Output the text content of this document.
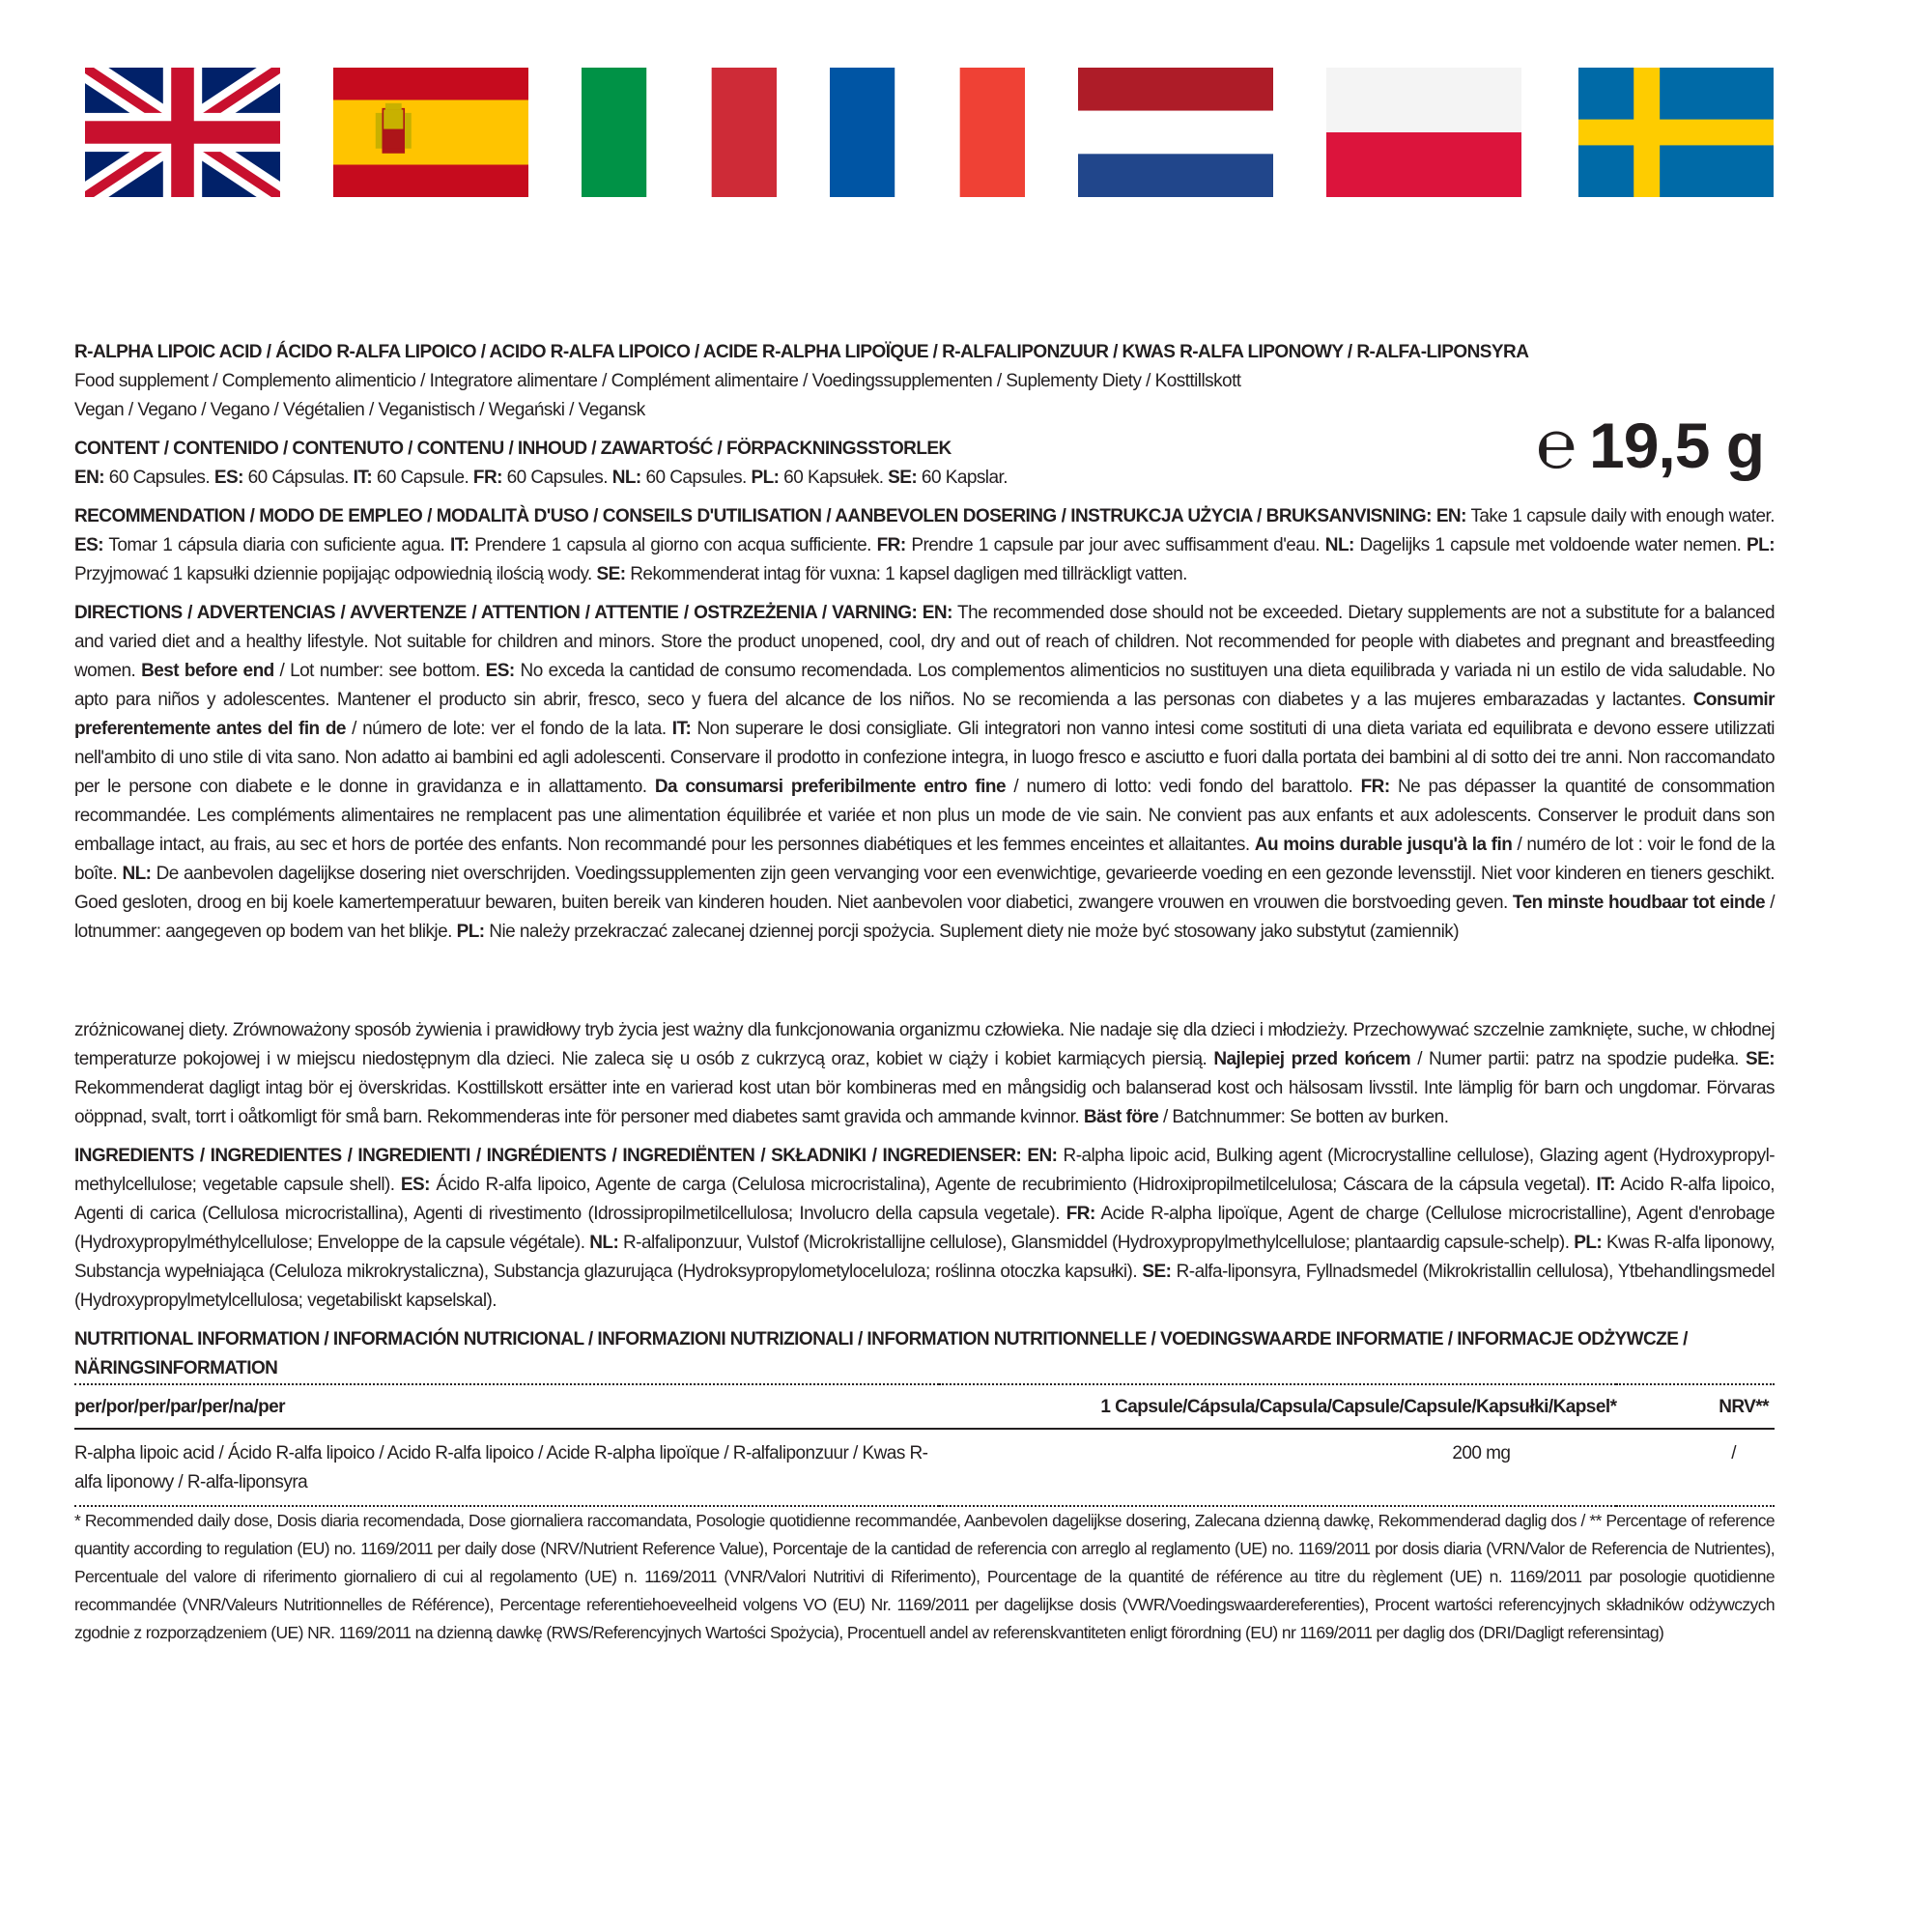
℮ 19,5 g

R-ALPHA LIPOIC ACID / ÁCIDO R-ALFA LIPOICO / ACIDO R-ALFA LIPOICO / ACIDE R-ALPHA LIPOÏQUE / R-ALFALIPONZUUR / KWAS R-ALFA LIPONOWY / R-ALFA-LIPONSYRA

Food supplement / Complemento alimenticio / Integratore alimentare / Complément alimentaire / Voedingssupplementen / Suplementy Diety / Kosttillskott

Vegan / Vegano / Vegano / Végétalien / Veganistisch / Wegański / Vegansk

CONTENT / CONTENIDO / CONTENUTO / CONTENU / INHOUD / ZAWARTOŚĆ / FÖRPACKNINGSSTORLEK

EN: 60 Capsules. ES: 60 Cápsulas. IT: 60 Capsule. FR: 60 Capsules. NL: 60 Capsules. PL: 60 Kapsułek. SE: 60 Kapslar.

RECOMMENDATION / MODO DE EMPLEO / MODALITÀ D'USO / CONSEILS D'UTILISATION / AANBEVOLEN DOSERING / INSTRUKCJA UŻYCIA / BRUKSANVISNING: EN: Take 1 capsule daily with enough water. ES: Tomar 1 cápsula diaria con suficiente agua. IT: Prendere 1 capsula al giorno con acqua sufficiente. FR: Prendre 1 capsule par jour avec suffisamment d'eau. NL: Dagelijks 1 capsule met voldoende water nemen. PL: Przyjmować 1 kapsułki dziennie popijając odpowiednią ilością wody. SE: Rekommenderat intag för vuxna: 1 kapsel dagligen med tillräckligt vatten.

DIRECTIONS / ADVERTENCIAS / AVVERTENZE / ATTENTION / ATTENTIE / OSTRZEŻENIA / VARNING: EN: The recommended dose should not be exceeded. Dietary supplements are not a substitute for a balanced and varied diet and a healthy lifestyle. Not suitable for children and minors. Store the product unopened, cool, dry and out of reach of children. Not recommended for people with diabetes and pregnant and breastfeeding women. Best before end / Lot number: see bottom. ES: No exceda la cantidad de consumo recomendada. Los complementos alimenticios no sustituyen una dieta equilibrada y variada ni un estilo de vida saludable. No apto para niños y adolescentes. Mantener el producto sin abrir, fresco, seco y fuera del alcance de los niños. No se recomienda a las personas con diabetes y a las mujeres embarazadas y lactantes. Consumir preferentemente antes del fin de / número de lote: ver el fondo de la lata. IT: Non superare le dosi consigliate. Gli integratori non vanno intesi come sostituti di una dieta variata ed equilibrata e devono essere utilizzati nell'ambito di uno stile di vita sano. Non adatto ai bambini ed agli adolescenti. Conservare il prodotto in confezione integra, in luogo fresco e asciutto e fuori dalla portata dei bambini al di sotto dei tre anni. Non raccomandato per le persone con diabete e le donne in gravidanza e in allattamento. Da consumarsi preferibilmente entro fine / numero di lotto: vedi fondo del barattolo. FR: Ne pas dépasser la quantité de consommation recommandée. Les compléments alimentaires ne remplacent pas une alimentation équilibrée et variée et non plus un mode de vie sain. Ne convient pas aux enfants et aux adolescents. Conserver le produit dans son emballage intact, au frais, au sec et hors de portée des enfants. Non recommandé pour les personnes diabétiques et les femmes enceintes et allaitantes. Au moins durable jusqu'à la fin / numéro de lot : voir le fond de la boîte. NL: De aanbevolen dagelijkse dosering niet overschrijden. Voedingssupplementen zijn geen vervanging voor een evenwichtige, gevarieerde voeding en een gezonde levensstijl. Niet voor kinderen en tieners geschikt. Goed gesloten, droog en bij koele kamertemperatuur bewaren, buiten bereik van kinderen houden. Niet aanbevolen voor diabetici, zwangere vrouwen en vrouwen die borstvoeding geven. Ten minste houdbaar tot einde / lotnummer: aangegeven op bodem van het blikje. PL: Nie należy przekraczać zalecanej dziennej porcji spożycia. Suplement diety nie może być stosowany jako substytut (zamiennik)

zróżnicowanej diety. Zrównoważony sposób żywienia i prawidłowy tryb życia jest ważny dla funkcjonowania organizmu człowieka. Nie nadaje się dla dzieci i młodzieży. Przechowywać szczelnie zamknięte, suche, w chłodnej temperaturze pokojowej i w miejscu niedostępnym dla dzieci. Nie zaleca się u osób z cukrzycą oraz, kobiet w ciąży i kobiet karmiących piersią. Najlepiej przed końcem / Numer partii: patrz na spodzie pudełka. SE: Rekommenderat dagligt intag bör ej överskridas. Kosttillskott ersätter inte en varierad kost utan bör kombineras med en mångsidig och balanserad kost och hälsosam livsstil. Inte lämplig för barn och ungdomar. Förvaras oöppnad, svalt, torrt i oåtkomligt för små barn. Rekommenderas inte för personer med diabetes samt gravida och ammande kvinnor. Bäst före / Batchnummer: Se botten av burken.

INGREDIENTS / INGREDIENTES / INGREDIENTI / INGRÉDIENTS / INGREDIËNTEN / SKŁADNIKI / INGREDIENSER: EN: R-alpha lipoic acid, Bulking agent (Microcrystalline cellulose), Glazing agent (Hydroxypropyl-methylcellulose; vegetable capsule shell). ES: Ácido R-alfa lipoico, Agente de carga (Celulosa microcristalina), Agente de recubrimiento (Hidroxipropilmetilcelulosa; Cáscara de la cápsula vegetal). IT: Acido R-alfa lipoico, Agenti di carica (Cellulosa microcristallina), Agenti di rivestimento (Idrossipropilmetilcellulosa; Involucro della capsula vegetale). FR: Acide R-alpha lipoïque, Agent de charge (Cellulose microcristalline), Agent d'enrobage (Hydroxypropylméthylcellulose; Enveloppe de la capsule végétale). NL: R-alfaliponzuur, Vulstof (Microkristallijne cellulose), Glansmiddel (Hydroxypropylmethylcellulose; plantaardig capsule-schelp). PL: Kwas R-alfa liponowy, Substancja wypełniająca (Celuloza mikrokrystaliczna), Substancja glazurująca (Hydroksypropylometyloceluloza; roślinna otoczka kapsułki). SE: R-alfa-liponsyra, Fyllnadsmedel (Mikrokristallin cellulosa), Ytbehandlingsmedel (Hydroxypropylmetylcellulosa; vegetabiliskt kapselskal).

NUTRITIONAL INFORMATION / INFORMACIÓN NUTRICIONAL / INFORMAZIONI NUTRIZIONALI / INFORMATION NUTRITIONNELLE / VOEDINGSWAARDE INFORMATIE / INFORMACJE ODŻYWCZE / NÄRINGSINFORMATION

per/por/per/par/per/na/per	1 Capsule/Cápsula/Capsula/Capsule/Capsule/Kapsułki/Kapsel*	NRV**
R-alpha lipoic acid / Ácido R-alfa lipoico / Acido R-alfa lipoico / Acide R-alpha lipoïque / R-alfaliponzuur / Kwas R-alfa liponowy / R-alfa-liponsyra	200 mg	/

* Recommended daily dose, Dosis diaria recomendada, Dose giornaliera raccomandata, Posologie quotidienne recommandée, Aanbevolen dagelijkse dosering, Zalecana dzienną dawkę, Rekommenderad daglig dos / ** Percentage of reference quantity according to regulation (EU) no. 1169/2011 per daily dose (NRV/Nutrient Reference Value), Porcentaje de la cantidad de referencia con arreglo al reglamento (UE) no. 1169/2011 por dosis diaria (VRN/Valor de Referencia de Nutrientes), Percentuale del valore di riferimento giornaliero di cui al regolamento (UE) n. 1169/2011 (VNR/Valori Nutritivi di Riferimento), Pourcentage de la quantité de référence au titre du règlement (UE) n. 1169/2011 par posologie quotidienne recommandée (VNR/Valeurs Nutritionnelles de Référence), Percentage referentiehoeveelheid volgens VO (EU) Nr. 1169/2011 per dagelijkse dosis (VWR/Voedingswaardereferenties), Procent wartości referencyjnych składników odżywczych zgodnie z rozporządzeniem (UE) NR. 1169/2011 na dzienną dawkę (RWS/Referencyjnych Wartości Spożycia), Procentuell andel av referenskvantiteten enligt förordning (EU) nr 1169/2011 per daglig dos (DRI/Dagligt referensintag)
